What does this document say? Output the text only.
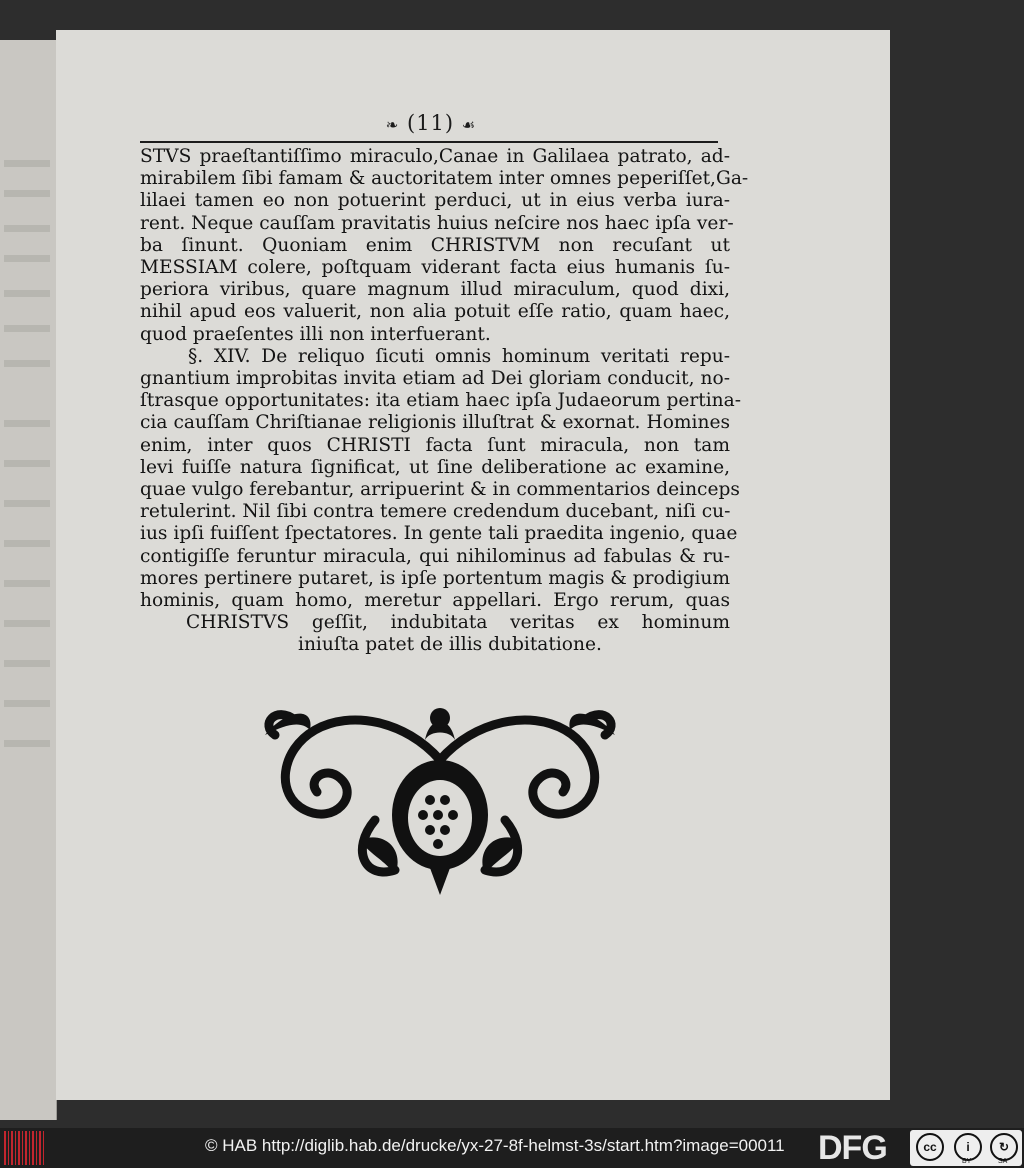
❧ (11) ☙
STVS praeſtantiſſimo miraculo,Canae in Galilaea patrato, ad-
mirabilem ſibi famam & auctoritatem inter omnes peperiſſet,Ga-
lilaei tamen eo non potuerint perduci, ut in eius verba iura-
rent. Neque cauſſam pravitatis huius neſcire nos haec ipſa ver-
ba ſinunt. Quoniam enim CHRISTVM non recuſant ut
MESSIAM colere, poſtquam viderant facta eius humanis ſu-
periora viribus, quare magnum illud miraculum, quod dixi,
nihil apud eos valuerit, non alia potuit eſſe ratio, quam haec,
quod praeſentes illi non interfuerant.
§. XIV. De reliquo ſicuti omnis hominum veritati repu-
gnantium improbitas invita etiam ad Dei gloriam conducit, no-
ſtrasque opportunitates: ita etiam haec ipſa Judaeorum pertina-
cia cauſſam Chriſtianae religionis illuſtrat & exornat. Homines
enim, inter quos CHRISTI facta ſunt miracula, non tam
levi fuiſſe natura ſignificat, ut ſine deliberatione ac examine,
quae vulgo ferebantur, arripuerint & in commentarios deinceps
retulerint. Nil ſibi contra temere credendum ducebant, niſi cu-
ius ipſi fuiſſent ſpectatores. In gente tali praedita ingenio, quae
contigiſſe feruntur miracula, qui nihilominus ad fabulas & ru-
mores pertinere putaret, is ipſe portentum magis & prodigium
hominis, quam homo, meretur appellari. Ergo rerum, quas
CHRISTVS geſſit, indubitata veritas ex hominum
iniuſta patet de illis dubitatione.
© HAB http://diglib.hab.de/drucke/yx-27-8f-helmst-3s/start.htm?image=00011 DFG	cc	i	↻
BY	SA
